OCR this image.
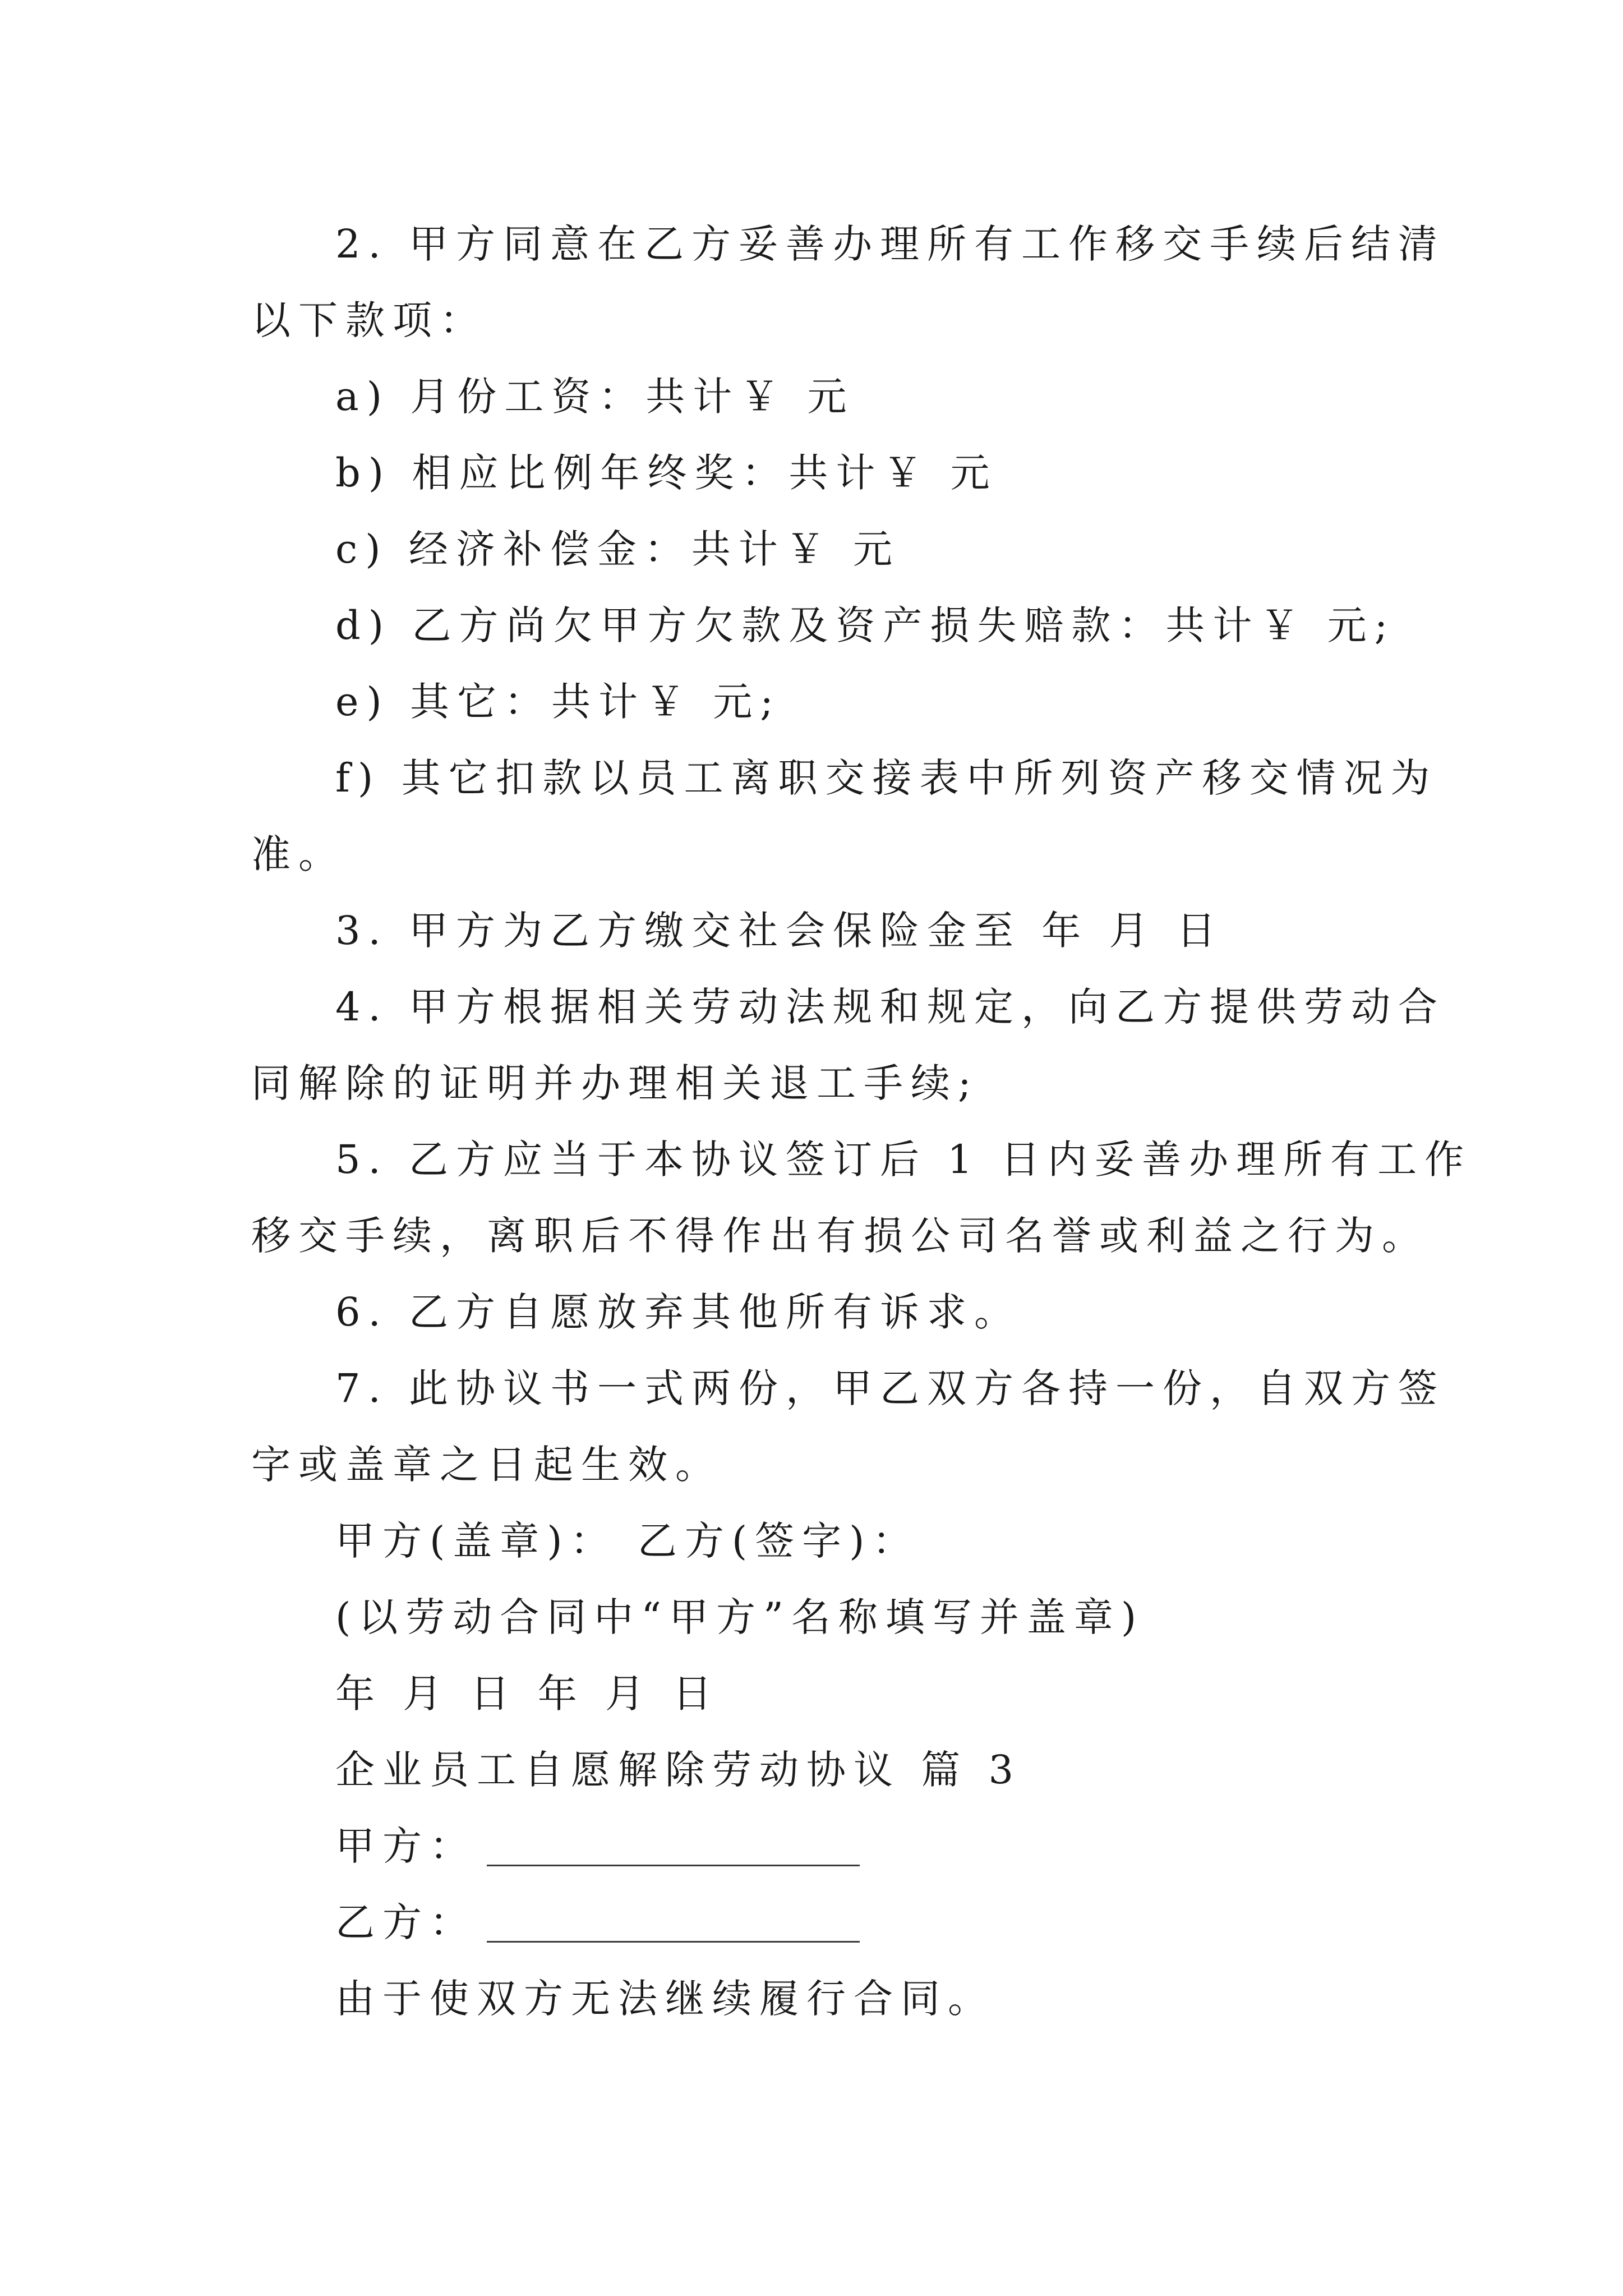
2. 甲方同意在乙方妥善办理所有工作移交手续后结清
以下款项：
a) 月份工资：共计￥ 元
b) 相应比例年终奖：共计￥ 元
c) 经济补偿金：共计￥ 元
d) 乙方尚欠甲方欠款及资产损失赔款：共计￥ 元;
e) 其它：共计￥ 元;
f) 其它扣款以员工离职交接表中所列资产移交情况为
准。
3. 甲方为乙方缴交社会保险金至 年 月 日
4. 甲方根据相关劳动法规和规定，向乙方提供劳动合
同解除的证明并办理相关退工手续;
5. 乙方应当于本协议签订后 1 日内妥善办理所有工作
移交手续，离职后不得作出有损公司名誉或利益之行为。
6. 乙方自愿放弃其他所有诉求。
7. 此协议书一式两份，甲乙双方各持一份，自双方签
字或盖章之日起生效。
甲方(盖章)： 乙方(签字)：
(以劳动合同中“甲方”名称填写并盖章)
年 月 日 年 月 日
企业员工自愿解除劳动协议 篇 3
甲方：
乙方：
由于使双方无法继续履行合同。
